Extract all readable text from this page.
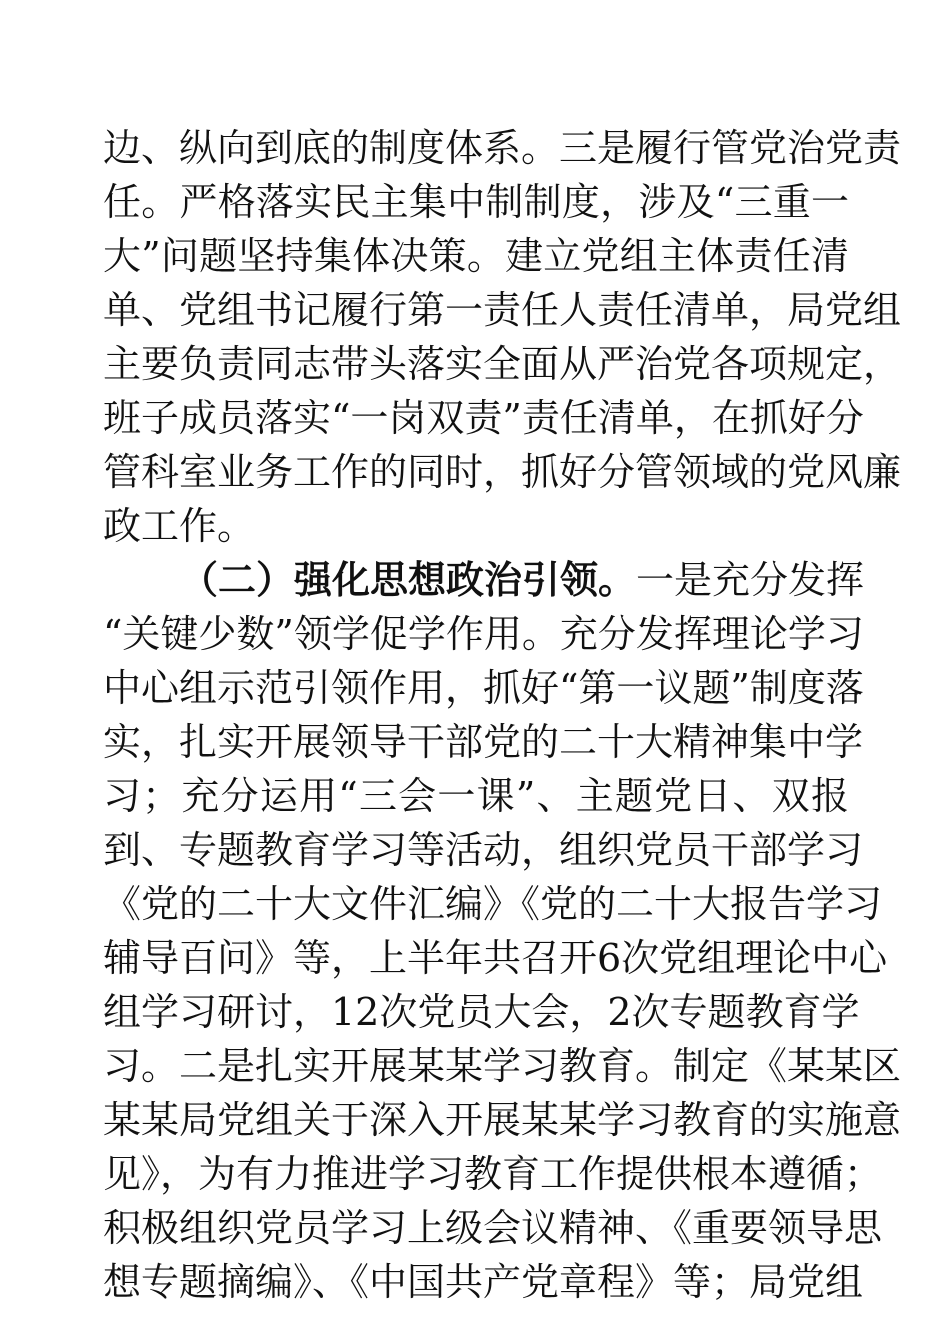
边、纵向到底的制度体系。三是履行管党治党责
任。严格落实民主集中制制度，涉及“三重一
大”问题坚持集体决策。建立党组主体责任清
单、党组书记履行第一责任人责任清单，局党组
主要负责同志带头落实全面从严治党各项规定，
班子成员落实“一岗双责”责任清单，在抓好分
管科室业务工作的同时，抓好分管领域的党风廉
政工作。
（二）强化思想政治引领。一是充分发挥
“关键少数”领学促学作用。充分发挥理论学习
中心组示范引领作用，抓好“第一议题”制度落
实，扎实开展领导干部党的二十大精神集中学
习；充分运用“三会一课”、主题党日、双报
到、专题教育学习等活动，组织党员干部学习
《党的二十大文件汇编》《党的二十大报告学习
辅导百问》等，上半年共召开6次党组理论中心
组学习研讨，12次党员大会，2次专题教育学
习。二是扎实开展某某学习教育。制定《某某区
某某局党组关于深入开展某某学习教育的实施意
见》，为有力推进学习教育工作提供根本遵循；
积极组织党员学习上级会议精神、《重要领导思
想专题摘编》、《中国共产党章程》等；局党组
